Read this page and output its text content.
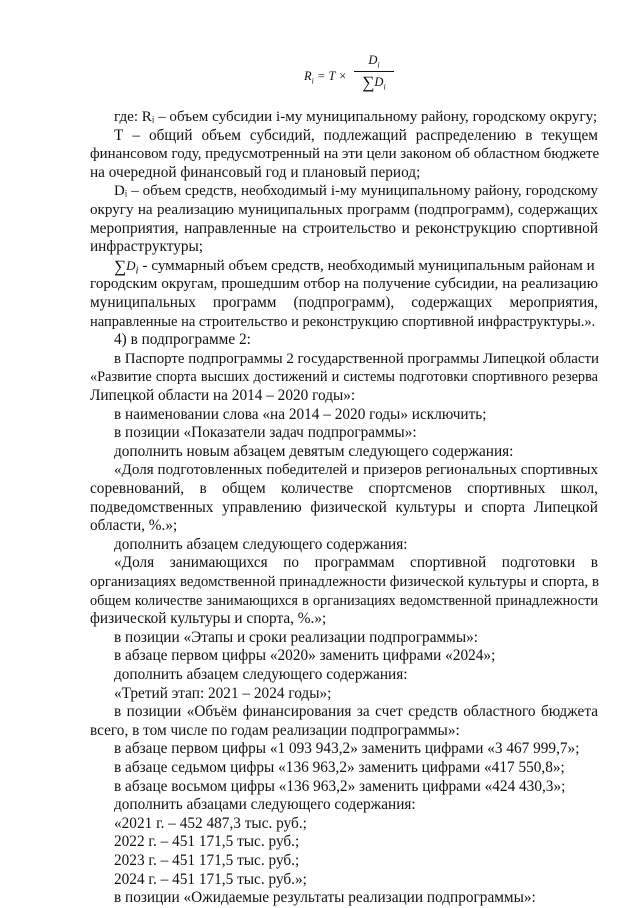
$R_i = T$ ×
$D_i$
$\sum D_i$
где: Rᵢ – объем субсидии i-му муниципальному району, городскому округу;
Т – общий объем субсидий, подлежащий распределению в текущем
финансовом году, предусмотренный на эти цели законом об областном бюджете
на очередной финансовый год и плановый период;
Dᵢ – объем средств, необходимый i-му муниципальному району, городскому
округу на реализацию муниципальных программ (подпрограмм), содержащих
мероприятия, направленные на строительство и реконструкцию спортивной
инфраструктуры;
$\sum D_i$ - суммарный объем средств, необходимый муниципальным районам и
городским округам, прошедшим отбор на получение субсидии, на реализацию
муниципальных программ (подпрограмм), содержащих мероприятия,
направленные на строительство и реконструкцию спортивной инфраструктуры.».
4) в подпрограмме 2:
в Паспорте подпрограммы 2 государственной программы Липецкой области
«Развитие спорта высших достижений и системы подготовки спортивного резерва
Липецкой области на 2014 – 2020 годы»:
в наименовании слова «на 2014 – 2020 годы» исключить;
в позиции «Показатели задач подпрограммы»:
дополнить новым абзацем девятым следующего содержания:
«Доля подготовленных победителей и призеров региональных спортивных
соревнований, в общем количестве спортсменов спортивных школ,
подведомственных управлению физической культуры и спорта Липецкой
области, %.»;
дополнить абзацем следующего содержания:
«Доля занимающихся по программам спортивной подготовки в
организациях ведомственной принадлежности физической культуры и спорта, в
общем количестве занимающихся в организациях ведомственной принадлежности
физической культуры и спорта, %.»;
в позиции «Этапы и сроки реализации подпрограммы»:
в абзаце первом цифры «2020» заменить цифрами «2024»;
дополнить абзацем следующего содержания:
«Третий этап: 2021 – 2024 годы»;
в позиции «Объём финансирования за счет средств областного бюджета
всего, в том числе по годам реализации подпрограммы»:
в абзаце первом цифры «1 093 943,2» заменить цифрами «3 467 999,7»;
в абзаце седьмом цифры «136 963,2» заменить цифрами «417 550,8»;
в абзаце восьмом цифры «136 963,2» заменить цифрами «424 430,3»;
дополнить абзацами следующего содержания:
«2021 г. – 452 487,3 тыс. руб.;
2022 г. – 451 171,5 тыс. руб.;
2023 г. – 451 171,5 тыс. руб.;
2024 г. – 451 171,5 тыс. руб.»;
в позиции «Ожидаемые результаты реализации подпрограммы»:
